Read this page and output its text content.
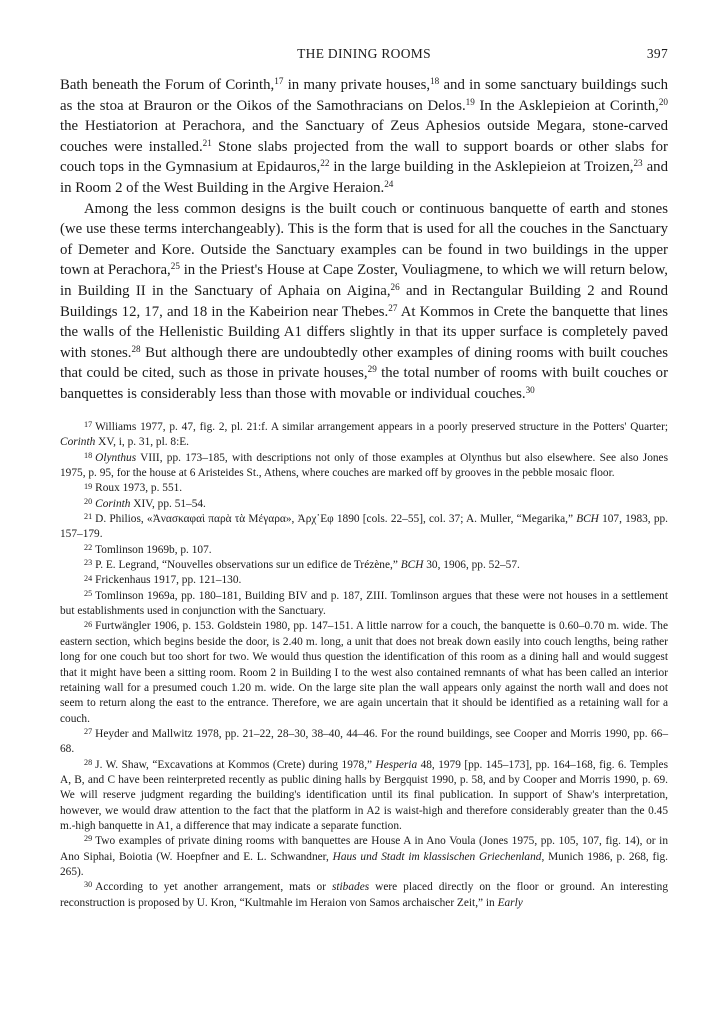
THE DINING ROOMS	397

Bath beneath the Forum of Corinth,$^{17}$ in many private houses,$^{18}$ and in some sanctuary buildings such as the stoa at Brauron or the Oikos of the Samothracians on Delos.$^{19}$ In the Asklepieion at Corinth,$^{20}$ the Hestiatorion at Perachora, and the Sanctuary of Zeus Aphesios outside Megara, stone-carved couches were installed.$^{21}$ Stone slabs projected from the wall to support boards or other slabs for couch tops in the Gymnasium at Epidauros,$^{22}$ in the large building in the Asklepieion at Troizen,$^{23}$ and in Room 2 of the West Building in the Argive Heraion.$^{24}$

Among the less common designs is the built couch or continuous banquette of earth and stones (we use these terms interchangeably). This is the form that is used for all the couches in the Sanctuary of Demeter and Kore. Outside the Sanctuary examples can be found in two buildings in the upper town at Perachora,$^{25}$ in the Priest's House at Cape Zoster, Vouliagmene, to which we will return below, in Building II in the Sanctuary of Aphaia on Aigina,$^{26}$ and in Rectangular Building 2 and Round Buildings 12, 17, and 18 in the Kabeirion near Thebes.$^{27}$ At Kommos in Crete the banquette that lines the walls of the Hellenistic Building A1 differs slightly in that its upper surface is completely paved with stones.$^{28}$ But although there are undoubtedly other examples of dining rooms with built couches that could be cited, such as those in private houses,$^{29}$ the total number of rooms with built couches or banquettes is considerably less than those with movable or individual couches.$^{30}$

$^{17}$ Williams 1977, p. 47, fig. 2, pl. 21:f. A similar arrangement appears in a poorly preserved structure in the Potters' Quarter; Corinth XV, i, p. 31, pl. 8:E.

$^{18}$ Olynthus VIII, pp. 173–185, with descriptions not only of those examples at Olynthus but also elsewhere. See also Jones 1975, p. 95, for the house at 6 Aristeides St., Athens, where couches are marked off by grooves in the pebble mosaic floor.

$^{19}$ Roux 1973, p. 551.

$^{20}$ Corinth XIV, pp. 51–54.

$^{21}$ D. Philios, «Ἀνασκαφαὶ παρὰ τὰ Μέγαρα», Ἀρχ᾽Εφ 1890 [cols. 22–55], col. 37; A. Muller, “Megarika,” BCH 107, 1983, pp. 157–179.

$^{22}$ Tomlinson 1969b, p. 107.

$^{23}$ P. E. Legrand, “Nouvelles observations sur un edifice de Trézène,” BCH 30, 1906, pp. 52–57.

$^{24}$ Frickenhaus 1917, pp. 121–130.

$^{25}$ Tomlinson 1969a, pp. 180–181, Building BIV and p. 187, ZIII. Tomlinson argues that these were not houses in a settlement but establishments used in conjunction with the Sanctuary.

$^{26}$ Furtwängler 1906, p. 153. Goldstein 1980, pp. 147–151. A little narrow for a couch, the banquette is 0.60–0.70 m. wide. The eastern section, which begins beside the door, is 2.40 m. long, a unit that does not break down easily into couch lengths, being rather long for one couch but too short for two. We would thus question the identification of this room as a dining hall and would suggest that it might have been a sitting room. Room 2 in Building I to the west also contained remnants of what has been called an interior retaining wall for a presumed couch 1.20 m. wide. On the large site plan the wall appears only against the north wall and does not seem to return along the east to the entrance. Therefore, we are again uncertain that it should be identified as a retaining wall for a couch.

$^{27}$ Heyder and Mallwitz 1978, pp. 21–22, 28–30, 38–40, 44–46. For the round buildings, see Cooper and Morris 1990, pp. 66–68.

$^{28}$ J. W. Shaw, “Excavations at Kommos (Crete) during 1978,” Hesperia 48, 1979 [pp. 145–173], pp. 164–168, fig. 6. Temples A, B, and C have been reinterpreted recently as public dining halls by Bergquist 1990, p. 58, and by Cooper and Morris 1990, p. 69. We will reserve judgment regarding the building's identification until its final publication. In support of Shaw's interpretation, however, we would draw attention to the fact that the platform in A2 is waist-high and therefore considerably greater than the 0.45 m.-high banquette in A1, a difference that may indicate a separate function.

$^{29}$ Two examples of private dining rooms with banquettes are House A in Ano Voula (Jones 1975, pp. 105, 107, fig. 14), or in Ano Siphai, Boiotia (W. Hoepfner and E. L. Schwandner, Haus und Stadt im klassischen Griechenland, Munich 1986, p. 268, fig. 265).

$^{30}$ According to yet another arrangement, mats or stibades were placed directly on the floor or ground. An interesting reconstruction is proposed by U. Kron, “Kultmahle im Heraion von Samos archaischer Zeit,” in Early
